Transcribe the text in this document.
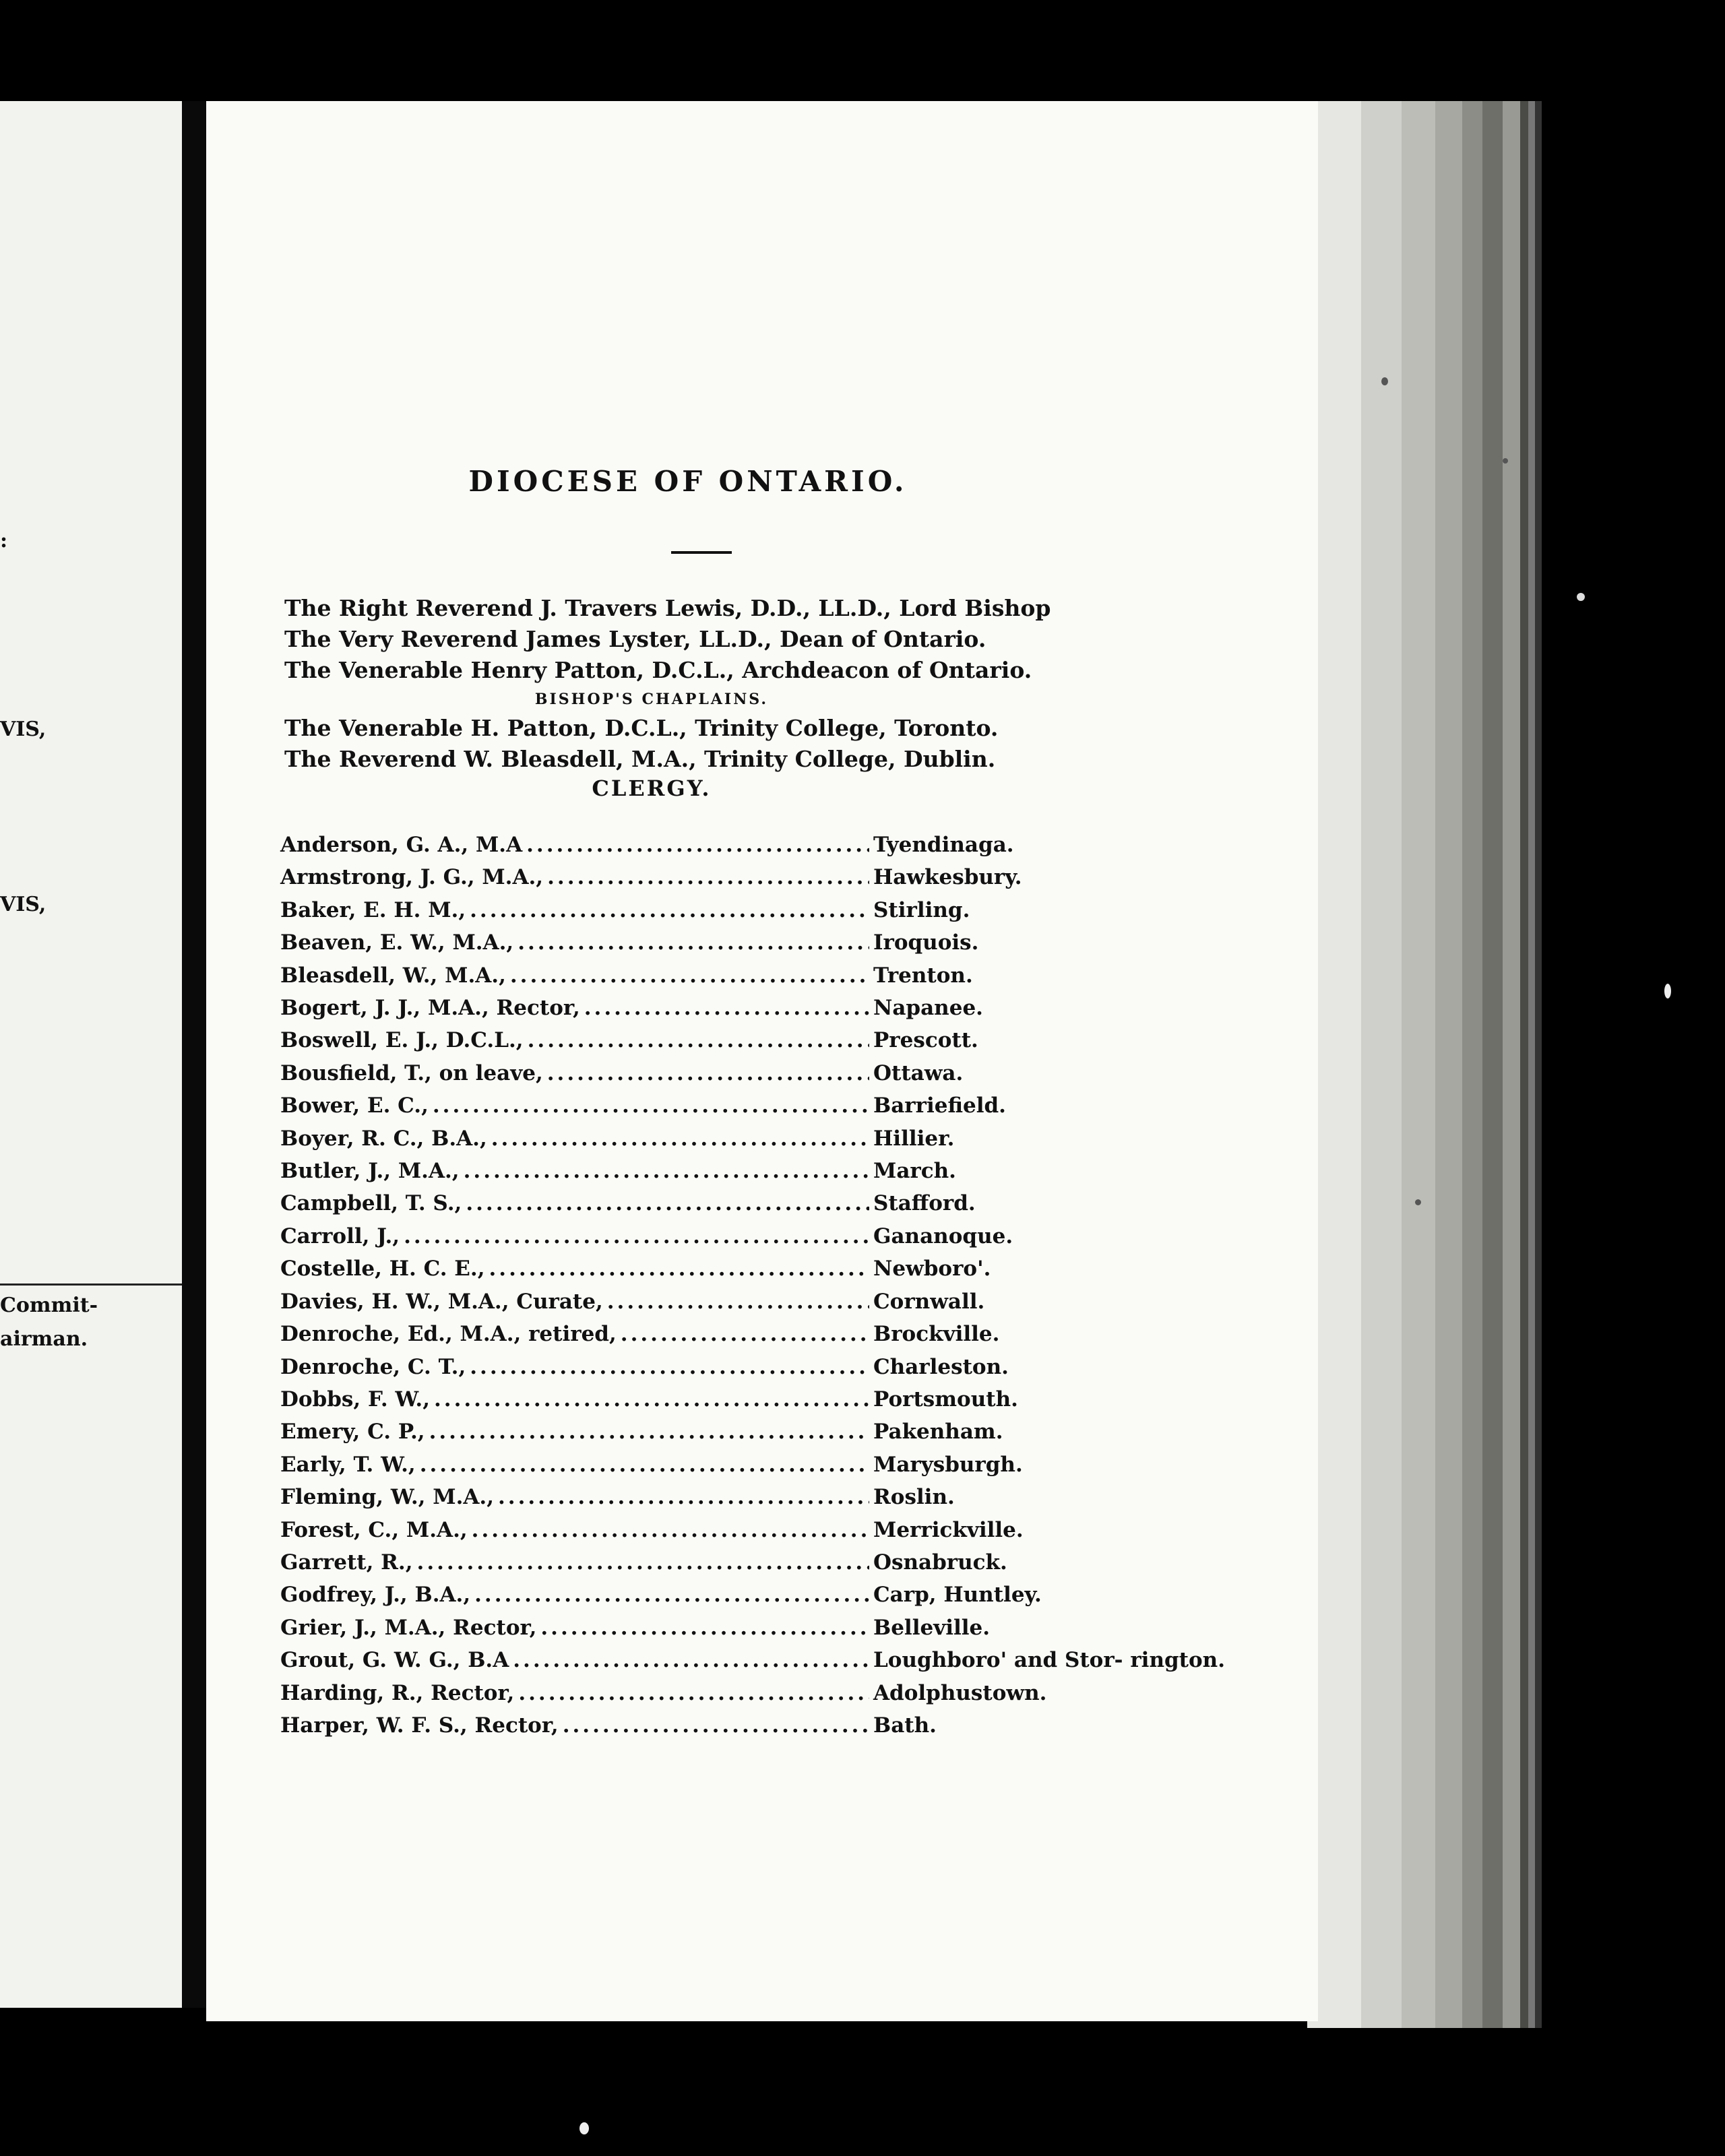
:
VIS,
VIS,
Commit-
airman.
DIOCESE OF ONTARIO.
The Right Reverend J. Travers Lewis, D.D., LL.D., Lord Bishop
The Very Reverend James Lyster, LL.D., Dean of Ontario.
The Venerable Henry Patton, D.C.L., Archdeacon of Ontario.
BISHOP'S CHAPLAINS.
The Venerable H. Patton, D.C.L., Trinity College, Toronto.
The Reverend W. Bleasdell, M.A., Trinity College, Dublin.
CLERGY.
Anderson, G. A., M.A .....	Tyendinaga.
Armstrong, J. G., M.A., .....	Hawkesbury.
Baker, E. H. M., .....	Stirling.
Beaven, E. W., M.A., .....	Iroquois.
Bleasdell, W., M.A., .....	Trenton.
Bogert, J. J., M.A., Rector, .....	Napanee.
Boswell, E. J., D.C.L., .....	Prescott.
Bousfield, T., on leave, .....	Ottawa.
Bower, E. C., .....	Barriefield.
Boyer, R. C., B.A., .....	Hillier.
Butler, J., M.A., .....	March.
Campbell, T. S., .....	Stafford.
Carroll, J., .....	Gananoque.
Costelle, H. C. E., .....	Newboro'.
Davies, H. W., M.A., Curate, .....	Cornwall.
Denroche, Ed., M.A., retired, .....	Brockville.
Denroche, C. T., .....	Charleston.
Dobbs, F. W., .....	Portsmouth.
Emery, C. P., .....	Pakenham.
Early, T. W., .....	Marysburgh.
Fleming, W., M.A., .....	Roslin.
Forest, C., M.A., .....	Merrickville.
Garrett, R., .....	Osnabruck.
Godfrey, J., B.A., .....	Carp, Huntley.
Grier, J., M.A., Rector, .....	Belleville.
Grout, G. W. G., B.A .....	Loughboro' and Stor- rington.
Harding, R., Rector, .....	Adolphustown.
Harper, W. F. S., Rector, .....	Bath.
